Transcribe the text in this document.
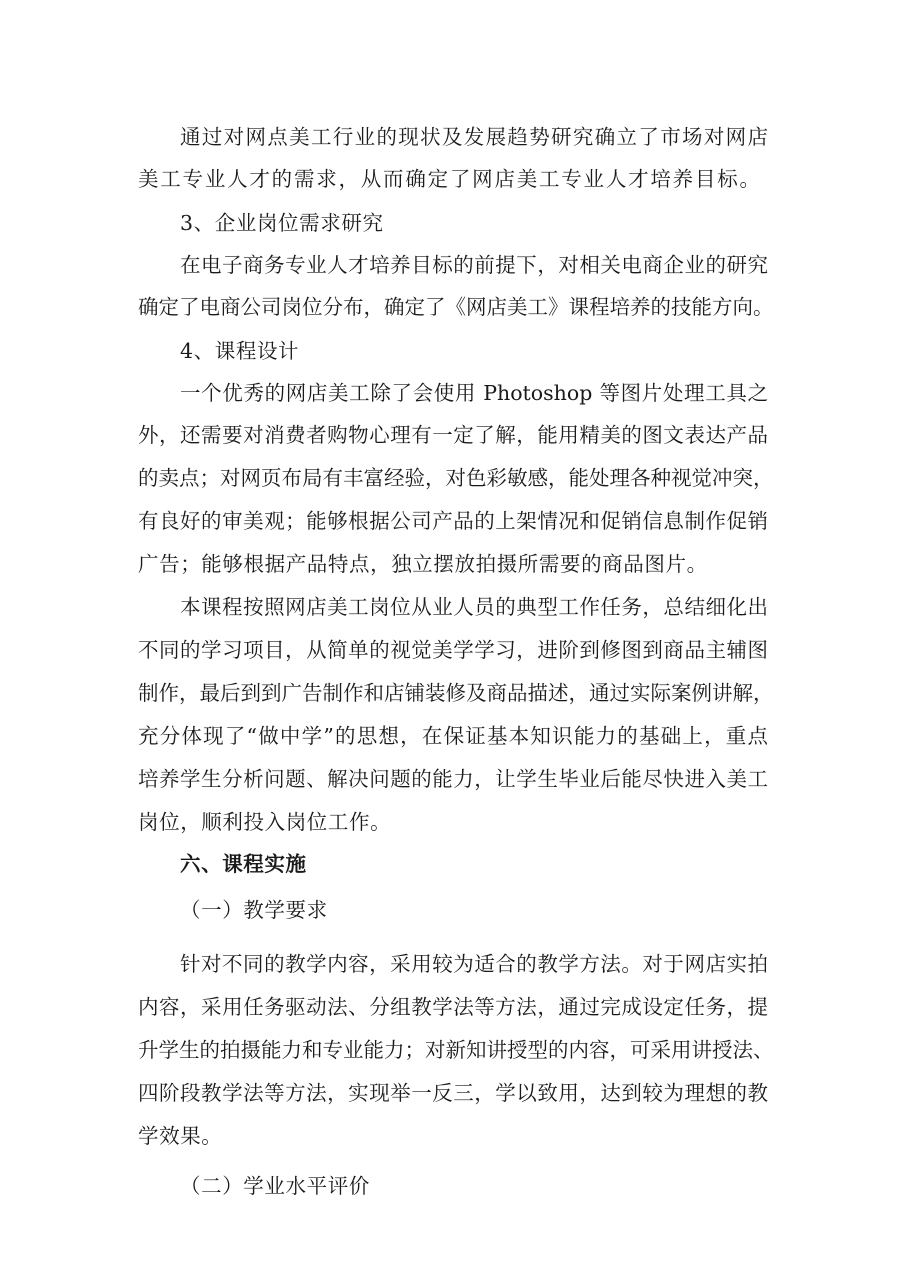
通过对网点美工行业的现状及发展趋势研究确立了市场对网店
美工专业人才的需求，从而确定了网店美工专业人才培养目标。
3、企业岗位需求研究
在电子商务专业人才培养目标的前提下，对相关电商企业的研究
确定了电商公司岗位分布，确定了《网店美工》课程培养的技能方向。
4、课程设计
一个优秀的网店美工除了会使用 Photoshop 等图片处理工具之
外，还需要对消费者购物心理有一定了解，能用精美的图文表达产品
的卖点；对网页布局有丰富经验，对色彩敏感，能处理各种视觉冲突，
有良好的审美观；能够根据公司产品的上架情况和促销信息制作促销
广告；能够根据产品特点，独立摆放拍摄所需要的商品图片。
本课程按照网店美工岗位从业人员的典型工作任务，总结细化出
不同的学习项目，从简单的视觉美学学习，进阶到修图到商品主辅图
制作，最后到到广告制作和店铺装修及商品描述，通过实际案例讲解，
充分体现了“做中学”的思想，在保证基本知识能力的基础上，重点
培养学生分析问题、解决问题的能力，让学生毕业后能尽快进入美工
岗位，顺利投入岗位工作。
六、课程实施
（一）教学要求
针对不同的教学内容，采用较为适合的教学方法。对于网店实拍
内容，采用任务驱动法、分组教学法等方法，通过完成设定任务，提
升学生的拍摄能力和专业能力；对新知讲授型的内容，可采用讲授法、
四阶段教学法等方法，实现举一反三，学以致用，达到较为理想的教
学效果。
（二）学业水平评价
